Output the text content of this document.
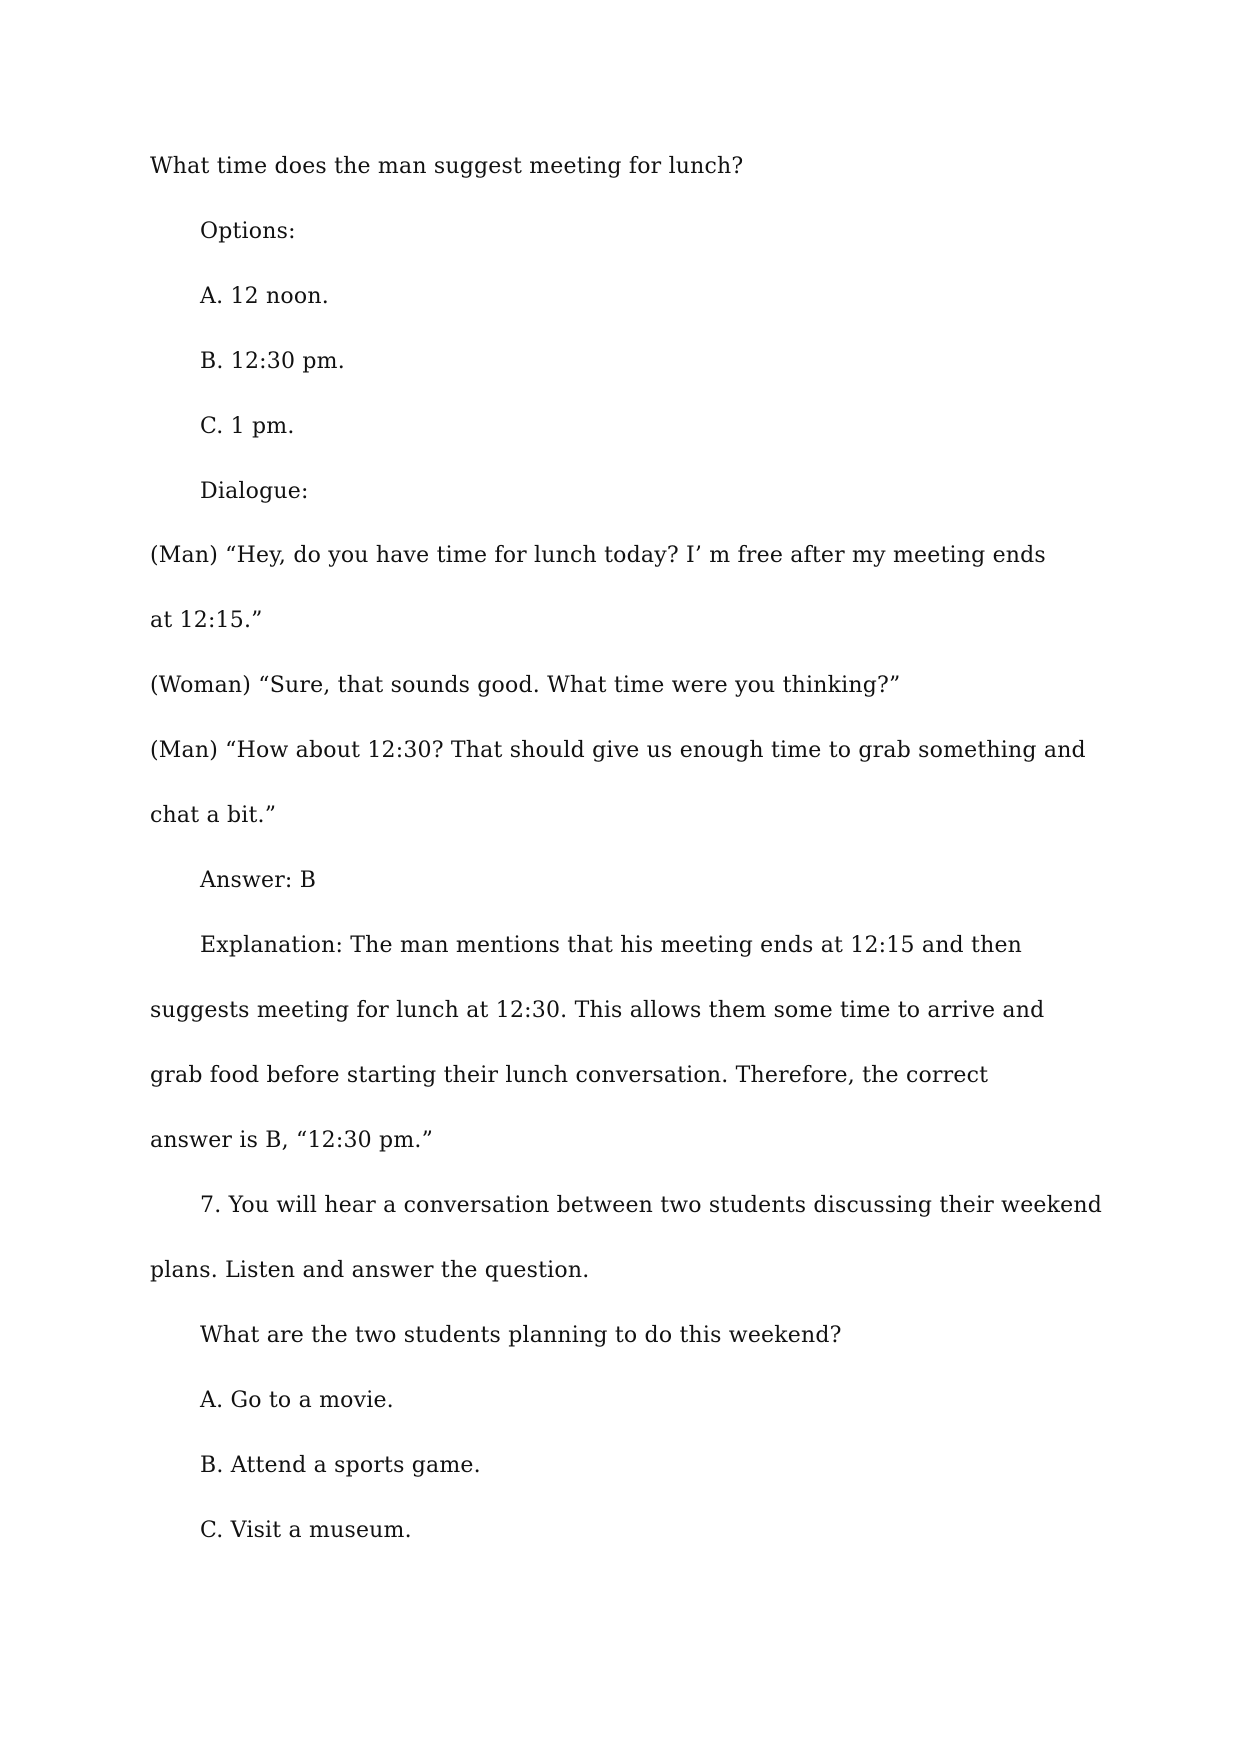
What time does the man suggest meeting for lunch?

Options:

A. 12 noon.

B. 12:30 pm.

C. 1 pm.

Dialogue:

(Man) “Hey, do you have time for lunch today? I’ m free after my meeting ends

at 12:15.”

(Woman) “Sure, that sounds good. What time were you thinking?”

(Man) “How about 12:30? That should give us enough time to grab something and

chat a bit.”

Answer: B

Explanation: The man mentions that his meeting ends at 12:15 and then

suggests meeting for lunch at 12:30. This allows them some time to arrive and

grab food before starting their lunch conversation. Therefore, the correct

answer is B, “12:30 pm.”

7. You will hear a conversation between two students discussing their weekend

plans. Listen and answer the question.

What are the two students planning to do this weekend?

A. Go to a movie.

B. Attend a sports game.

C. Visit a museum.
